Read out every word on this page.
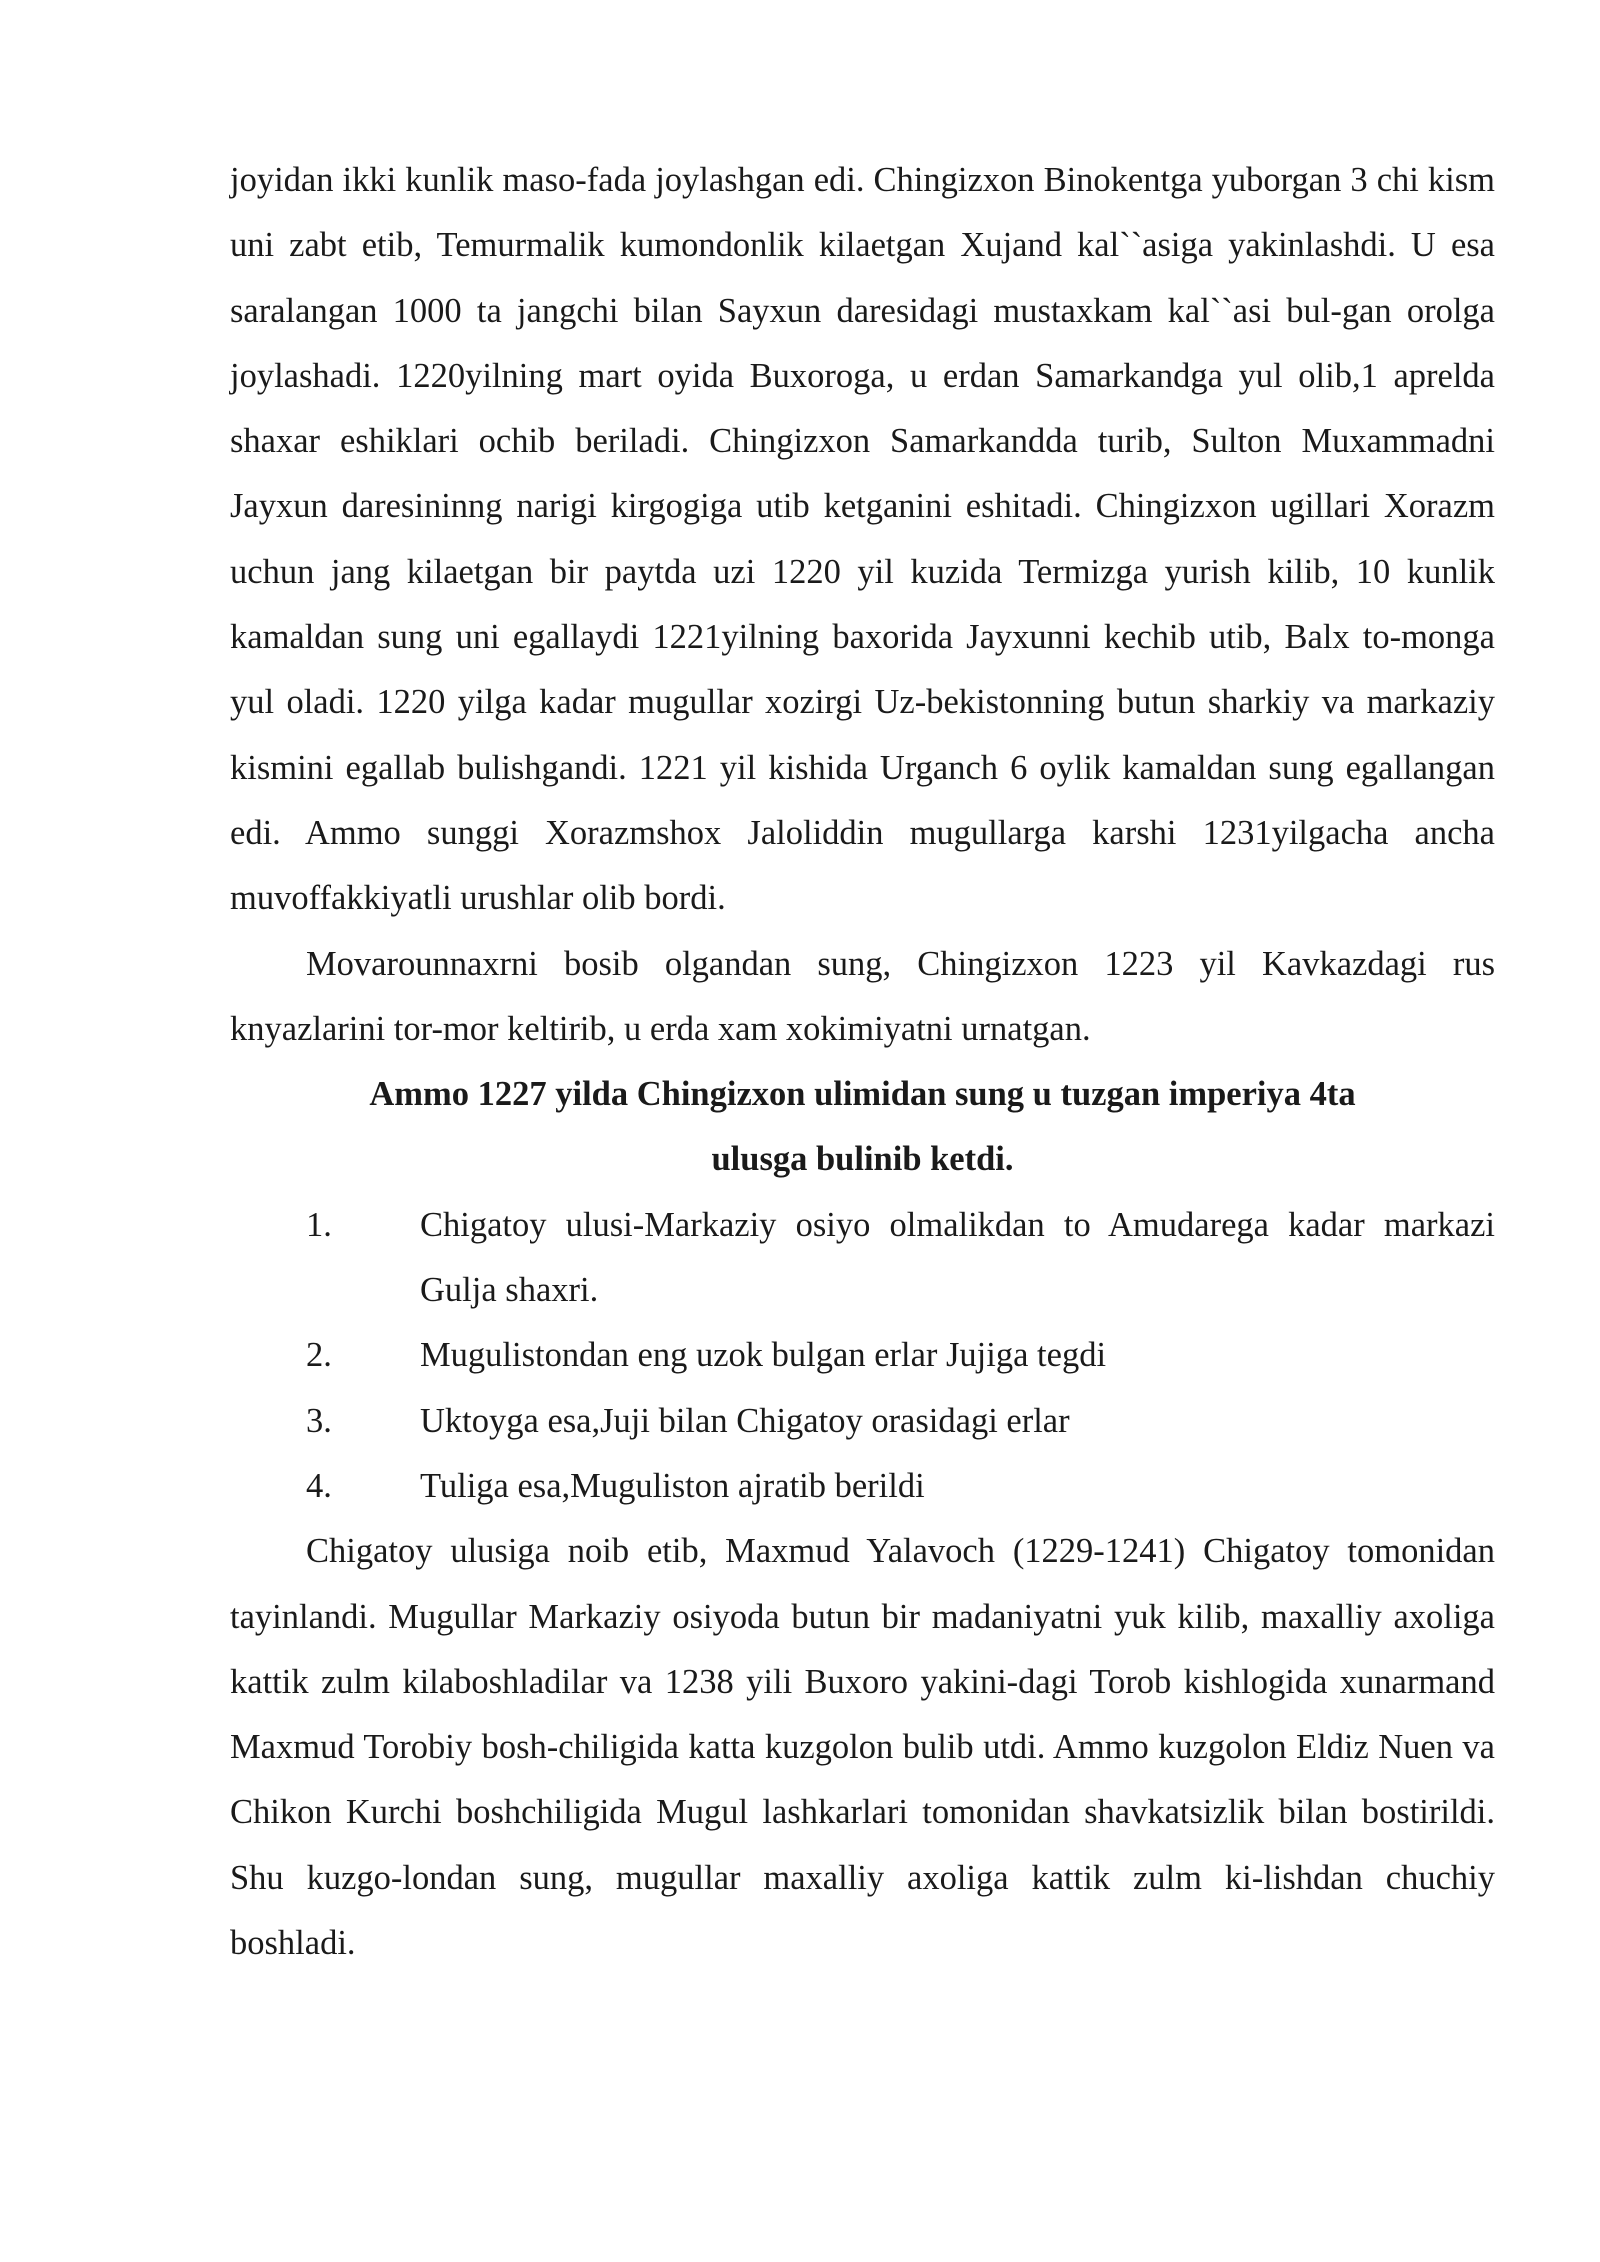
joyidan ikki kunlik maso-fada joylashgan edi. Chingizxon Binokentga yuborgan 3 chi kism uni zabt etib, Temurmalik kumondonlik kilaetgan Xujand kal``asiga yakinlashdi. U esa saralangan 1000 ta jangchi bilan Sayxun daresidagi mustaxkam kal``asi bul-gan orolga joylashadi. 1220yilning mart oyida Buxoroga, u erdan Samarkandga yul olib,1 aprelda shaxar eshiklari ochib beriladi. Chingizxon Samarkandda turib, Sulton Muxammadni Jayxun daresininng narigi kirgogiga utib ketganini eshitadi. Chingizxon ugillari Xorazm uchun jang kilaetgan bir paytda uzi 1220 yil kuzida Termizga yurish kilib, 10 kunlik kamaldan sung uni egallaydi 1221yilning baxorida Jayxunni kechib utib, Balx to-monga yul oladi. 1220 yilga kadar mugullar xozirgi Uz-bekistonning butun sharkiy va markaziy kismini egallab bulishgandi. 1221 yil kishida Urganch 6 oylik kamaldan sung egallangan edi. Ammo sunggi Xorazmshox Jaloliddin mugullarga karshi 1231yilgacha ancha muvoffakkiyatli urushlar olib bordi.

Movarounnaxrni bosib olgandan sung, Chingizxon 1223 yil Kavkazdagi rus knyazlarini tor-mor keltirib, u erda xam xokimiyatni urnatgan.

Ammo 1227 yilda Chingizxon ulimidan sung u tuzgan imperiya 4ta
ulusga bulinib ketdi.

1.	Chigatoy ulusi-Markaziy osiyo olmalikdan to Amudarega kadar markazi Gulja shaxri.

2.	Mugulistondan eng uzok bulgan erlar Jujiga tegdi

3.	Uktoyga esa,Juji bilan Chigatoy orasidagi erlar

4.	Tuliga esa,Muguliston ajratib berildi

Chigatoy ulusiga noib etib, Maxmud Yalavoch (1229-1241) Chigatoy tomonidan tayinlandi. Mugullar Markaziy osiyoda butun bir madaniyatni yuk kilib, maxalliy axoliga kattik zulm kilaboshladilar va 1238 yili Buxoro yakini-dagi Torob kishlogida xunarmand Maxmud Torobiy bosh-chiligida katta kuzgolon bulib utdi. Ammo kuzgolon Eldiz Nuen va Chikon Kurchi boshchiligida Mugul lashkarlari tomonidan shavkatsizlik bilan bostirildi. Shu kuzgo-londan sung, mugullar maxalliy axoliga kattik zulm ki-lishdan chuchiy boshladi.
